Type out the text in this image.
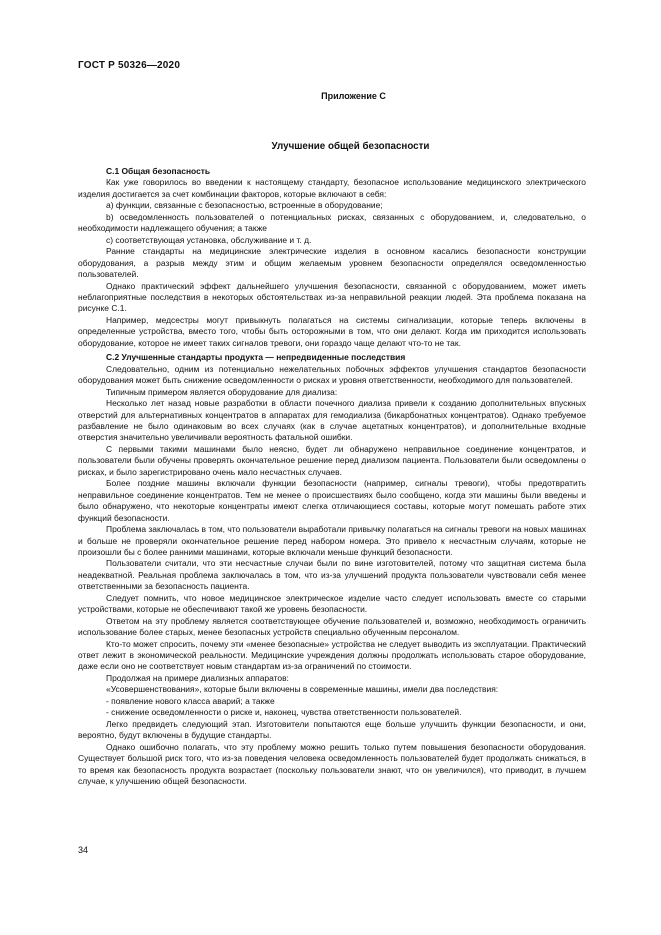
ГОСТ Р 50326—2020
Приложение С
Улучшение общей безопасности

С.1 Общая безопасность

Как уже говорилось во введении к настоящему стандарту, безопасное использование медицинского электрического изделия достигается за счет комбинации факторов, которые включают в себя:

a) функции, связанные с безопасностью, встроенные в оборудование;

b) осведомленность пользователей о потенциальных рисках, связанных с оборудованием, и, следовательно, о необходимости надлежащего обучения; а также

c) соответствующая установка, обслуживание и т. д.

Ранние стандарты на медицинские электрические изделия в основном касались безопасности конструкции оборудования, а разрыв между этим и общим желаемым уровнем безопасности определялся осведомленностью пользователей.

Однако практический эффект дальнейшего улучшения безопасности, связанной с оборудованием, может иметь неблагоприятные последствия в некоторых обстоятельствах из-за неправильной реакции людей. Эта проблема показана на рисунке С.1.

Например, медсестры могут привыкнуть полагаться на системы сигнализации, которые теперь включены в определенные устройства, вместо того, чтобы быть осторожными в том, что они делают. Когда им приходится использовать оборудование, которое не имеет таких сигналов тревоги, они гораздо чаще делают что-то не так.

С.2 Улучшенные стандарты продукта — непредвиденные последствия

Следовательно, одним из потенциально нежелательных побочных эффектов улучшения стандартов безопасности оборудования может быть снижение осведомленности о рисках и уровня ответственности, необходимого для пользователей.

Типичным примером является оборудование для диализа:

Несколько лет назад новые разработки в области почечного диализа привели к созданию дополнительных впускных отверстий для альтернативных концентратов в аппаратах для гемодиализа (бикарбонатных концентратов). Однако требуемое разбавление не было одинаковым во всех случаях (как в случае ацетатных концентратов), и дополнительные входные отверстия значительно увеличивали вероятность фатальной ошибки.

С первыми такими машинами было неясно, будет ли обнаружено неправильное соединение концентратов, и пользователи были обучены проверять окончательное решение перед диализом пациента. Пользователи были осведомлены о рисках, и было зарегистрировано очень мало несчастных случаев.

Более поздние машины включали функции безопасности (например, сигналы тревоги), чтобы предотвратить неправильное соединение концентратов. Тем не менее о происшествиях было сообщено, когда эти машины были введены и было обнаружено, что некоторые концентраты имеют слегка отличающиеся составы, которые могут помешать работе этих функций безопасности.

Проблема заключалась в том, что пользователи выработали привычку полагаться на сигналы тревоги на новых машинах и больше не проверяли окончательное решение перед набором номера. Это привело к несчастным случаям, которые не произошли бы с более ранними машинами, которые включали меньше функций безопасности.

Пользователи считали, что эти несчастные случаи были по вине изготовителей, потому что защитная система была неадекватной. Реальная проблема заключалась в том, что из-за улучшений продукта пользователи чувствовали себя менее ответственными за безопасность пациента.

Следует помнить, что новое медицинское электрическое изделие часто следует использовать вместе со старыми устройствами, которые не обеспечивают такой же уровень безопасности.

Ответом на эту проблему является соответствующее обучение пользователей и, возможно, необходимость ограничить использование более старых, менее безопасных устройств специально обученным персоналом.

Кто-то может спросить, почему эти «менее безопасные» устройства не следует выводить из эксплуатации. Практический ответ лежит в экономической реальности. Медицинские учреждения должны продолжать использовать старое оборудование, даже если оно не соответствует новым стандартам из-за ограничений по стоимости.

Продолжая на примере диализных аппаратов:

«Усовершенствования», которые были включены в современные машины, имели два последствия:

- появление нового класса аварий; а также

- снижение осведомленности о риске и, наконец, чувства ответственности пользователей.

Легко предвидеть следующий этап. Изготовители попытаются еще больше улучшить функции безопасности, и они, вероятно, будут включены в будущие стандарты.

Однако ошибочно полагать, что эту проблему можно решить только путем повышения безопасности оборудования. Существует большой риск того, что из-за поведения человека осведомленность пользователей будет продолжать снижаться, в то время как безопасность продукта возрастает (поскольку пользователи знают, что он увеличился), что приводит, в лучшем случае, к улучшению общей безопасности.

34
